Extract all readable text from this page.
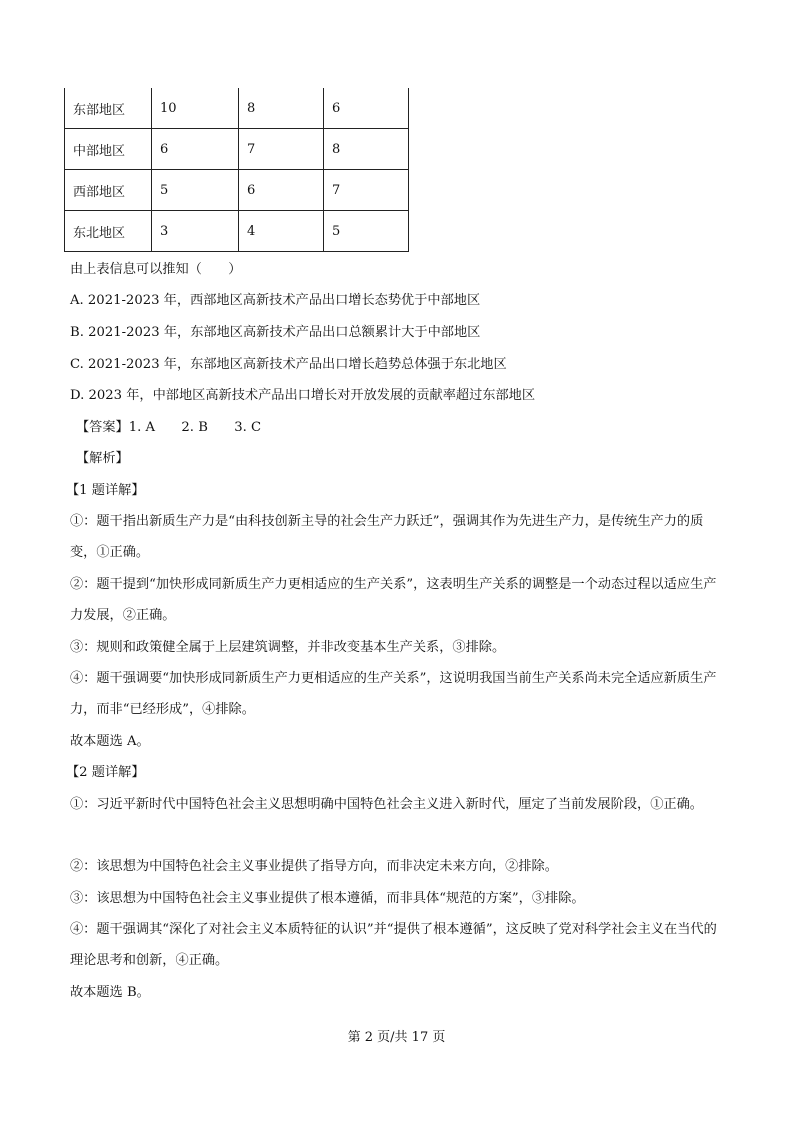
东部地区	10	8	6
中部地区	6	7	8
西部地区	5	6	7
东北地区	3	4	5
由上表信息可以推知（　　）
A. 2021-2023 年，西部地区高新技术产品出口增长态势优于中部地区
B. 2021-2023 年，东部地区高新技术产品出口总额累计大于中部地区
C. 2021-2023 年，东部地区高新技术产品出口增长趋势总体强于东北地区
D. 2023 年，中部地区高新技术产品出口增长对开放发展的贡献率超过东部地区
【答案】1. A　　2. B　　3. C
【解析】
【1 题详解】
①：题干指出新质生产力是“由科技创新主导的社会生产力跃迁”，强调其作为先进生产力，是传统生产力的质变，①正确。
②：题干提到“加快形成同新质生产力更相适应的生产关系”，这表明生产关系的调整是一个动态过程以适应生产力发展，②正确。
③：规则和政策健全属于上层建筑调整，并非改变基本生产关系，③排除。
④：题干强调要“加快形成同新质生产力更相适应的生产关系”，这说明我国当前生产关系尚未完全适应新质生产力，而非“已经形成”，④排除。
故本题选 A。
【2 题详解】
①：习近平新时代中国特色社会主义思想明确中国特色社会主义进入新时代，厘定了当前发展阶段，①正确。
②：该思想为中国特色社会主义事业提供了指导方向，而非决定未来方向，②排除。
③：该思想为中国特色社会主义事业提供了根本遵循，而非具体“规范的方案”，③排除。
④：题干强调其“深化了对社会主义本质特征的认识”并“提供了根本遵循”，这反映了党对科学社会主义在当代的理论思考和创新，④正确。
故本题选 B。
第 2 页/共 17 页
